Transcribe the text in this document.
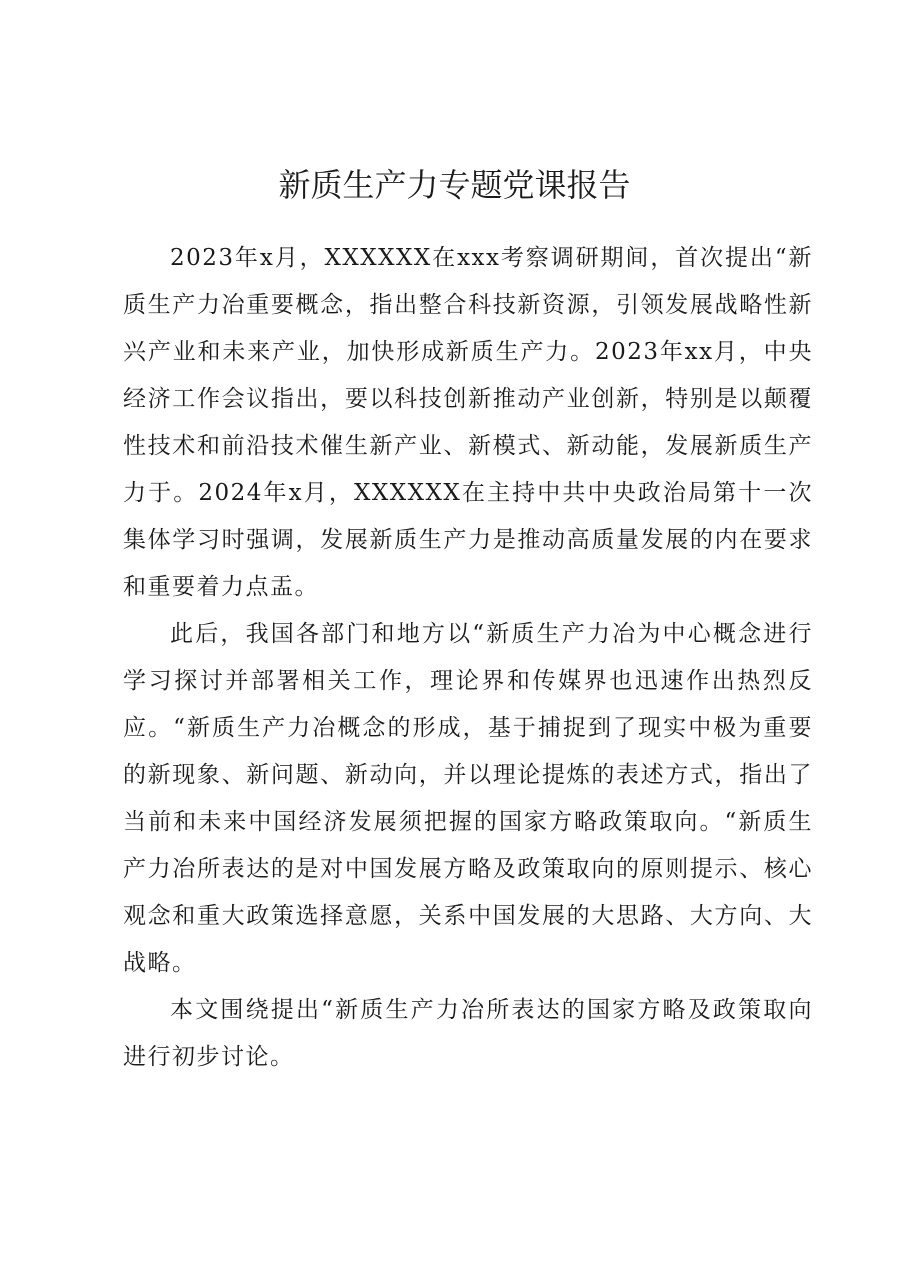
新质生产力专题党课报告

2023年x月，XXXXXX在xxx考察调研期间，首次提出“新质生产力冶重要概念，指出整合科技新资源，引领发展战略性新兴产业和未来产业，加快形成新质生产力。2023年xx月，中央经济工作会议指出，要以科技创新推动产业创新，特别是以颠覆性技术和前沿技术催生新产业、新模式、新动能，发展新质生产力于。2024年x月，XXXXXX在主持中共中央政治局第十一次集体学习时强调，发展新质生产力是推动高质量发展的内在要求和重要着力点盂。

此后，我国各部门和地方以“新质生产力冶为中心概念进行学习探讨并部署相关工作，理论界和传媒界也迅速作出热烈反应。“新质生产力冶概念的形成，基于捕捉到了现实中极为重要的新现象、新问题、新动向，并以理论提炼的表述方式，指出了当前和未来中国经济发展须把握的国家方略政策取向。“新质生产力冶所表达的是对中国发展方略及政策取向的原则提示、核心观念和重大政策选择意愿，关系中国发展的大思路、大方向、大战略。

本文围绕提出“新质生产力冶所表达的国家方略及政策取向进行初步讨论。
